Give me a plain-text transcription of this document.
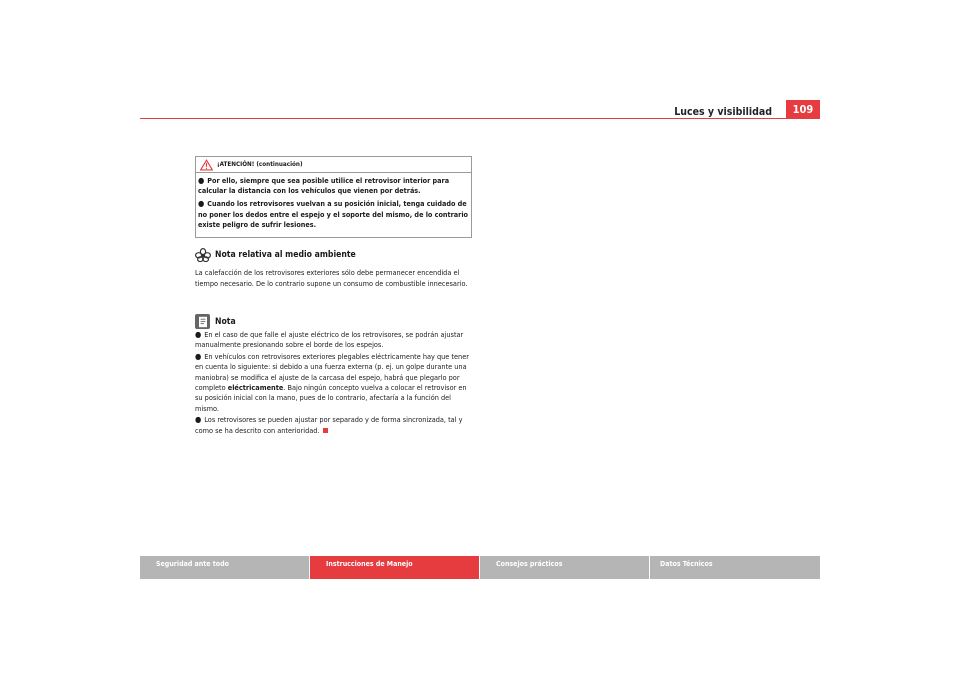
Luces y visibilidad	109
¡ATENCIÓN! (continuación)
● Por ello, siempre que sea posible utilice el retrovisor interior para calcular la distancia con los vehículos que vienen por detrás.
● Cuando los retrovisores vuelvan a su posición inicial, tenga cuidado de no poner los dedos entre el espejo y el soporte del mismo, de lo contrario existe peligro de sufrir lesiones.
Nota relativa al medio ambiente
La calefacción de los retrovisores exteriores sólo debe permanecer encendida el tiempo necesario. De lo contrario supone un consumo de combustible innecesario.
Nota

● En el caso de que falle el ajuste eléctrico de los retrovisores, se podrán ajustar manualmente presionando sobre el borde de los espejos.

● En vehículos con retrovisores exteriores plegables eléctricamente hay que tener en cuenta lo siguiente: si debido a una fuerza externa (p. ej. un golpe durante una maniobra) se modifica el ajuste de la carcasa del espejo, habrá que plegarlo por completo eléctricamente. Bajo ningún concepto vuelva a colocar el retrovisor en su posición inicial con la mano, pues de lo contrario, afectaría a la función del mismo.

● Los retrovisores se pueden ajustar por separado y de forma sincronizada, tal y como se ha descrito con anterioridad.

Seguridad ante todo	Instrucciones de Manejo	Consejos prácticos	Datos Técnicos
